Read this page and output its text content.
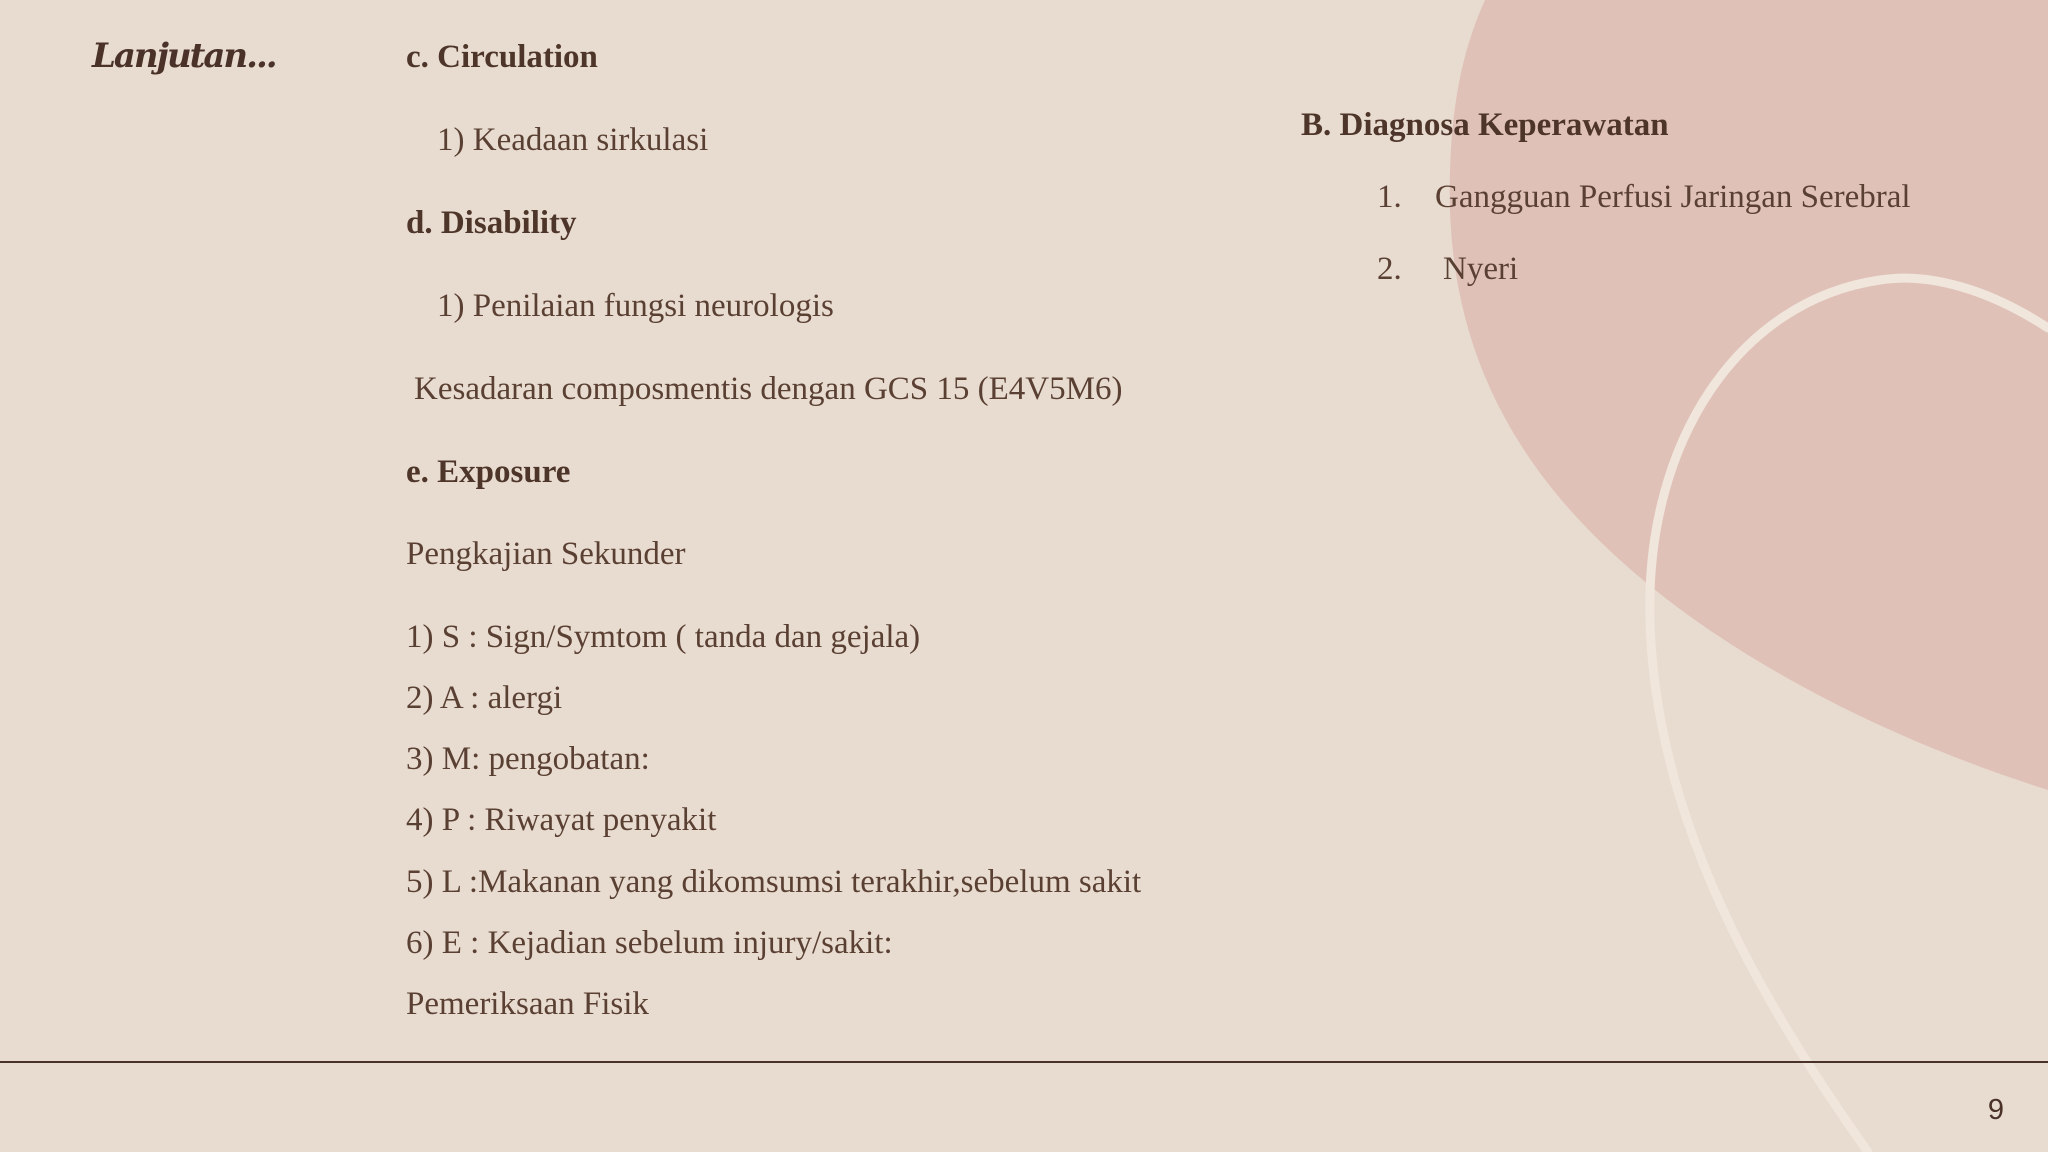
Lanjutan...	c. Circulation
1) Keadaan sirkulasi
d. Disability
1) Penilaian fungsi neurologis
Kesadaran composmentis dengan GCS 15 (E4V5M6)
e. Exposure
Pengkajian Sekunder
1) S : Sign/Symtom ( tanda dan gejala)
2) A : alergi
3) M: pengobatan:
4) P : Riwayat penyakit
5) L :Makanan yang dikomsumsi terakhir,sebelum sakit
6) E : Kejadian sebelum injury/sakit:
Pemeriksaan Fisik
B. Diagnosa Keperawatan
1. Gangguan Perfusi Jaringan Serebral
2. Nyeri
9
